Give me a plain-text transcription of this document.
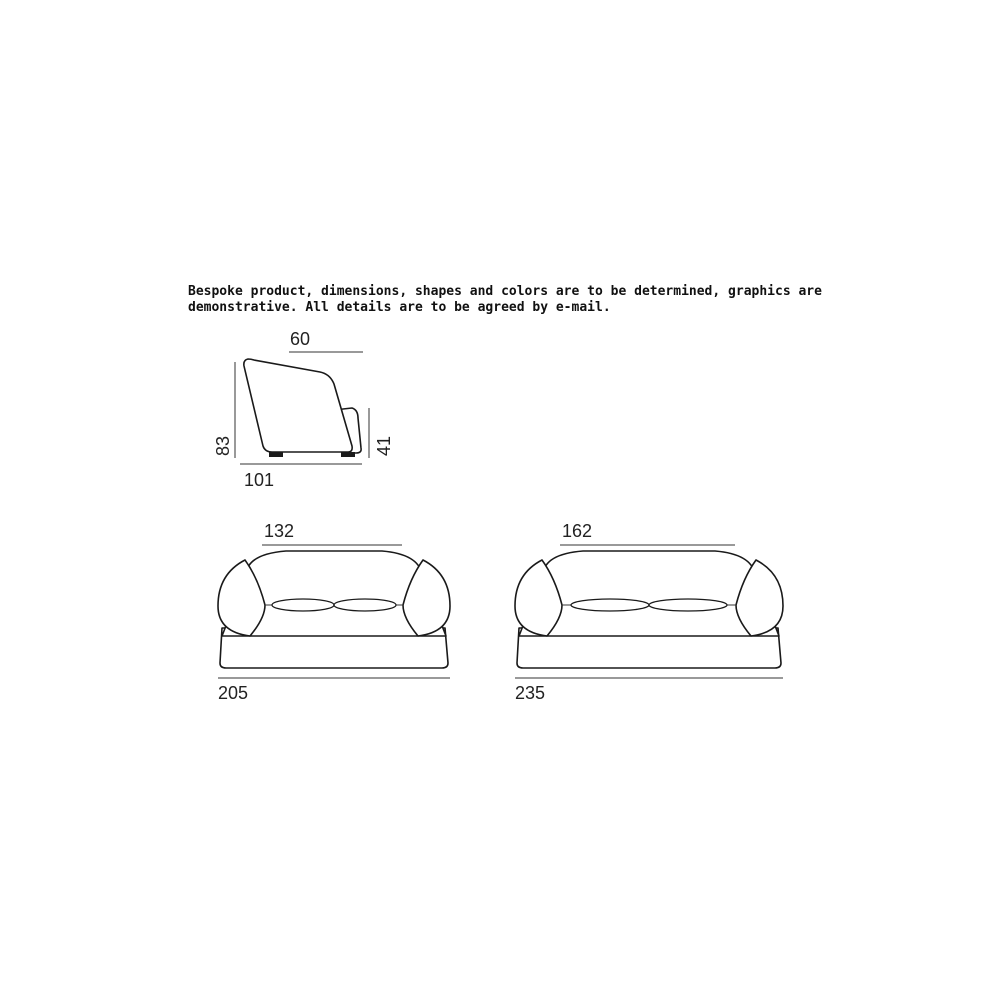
Bespoke product, dimensions, shapes and colors are to be determined, graphics are
demonstrative. All details are to be agreed by e-mail.

60
83	41
101
132
205
162
235
